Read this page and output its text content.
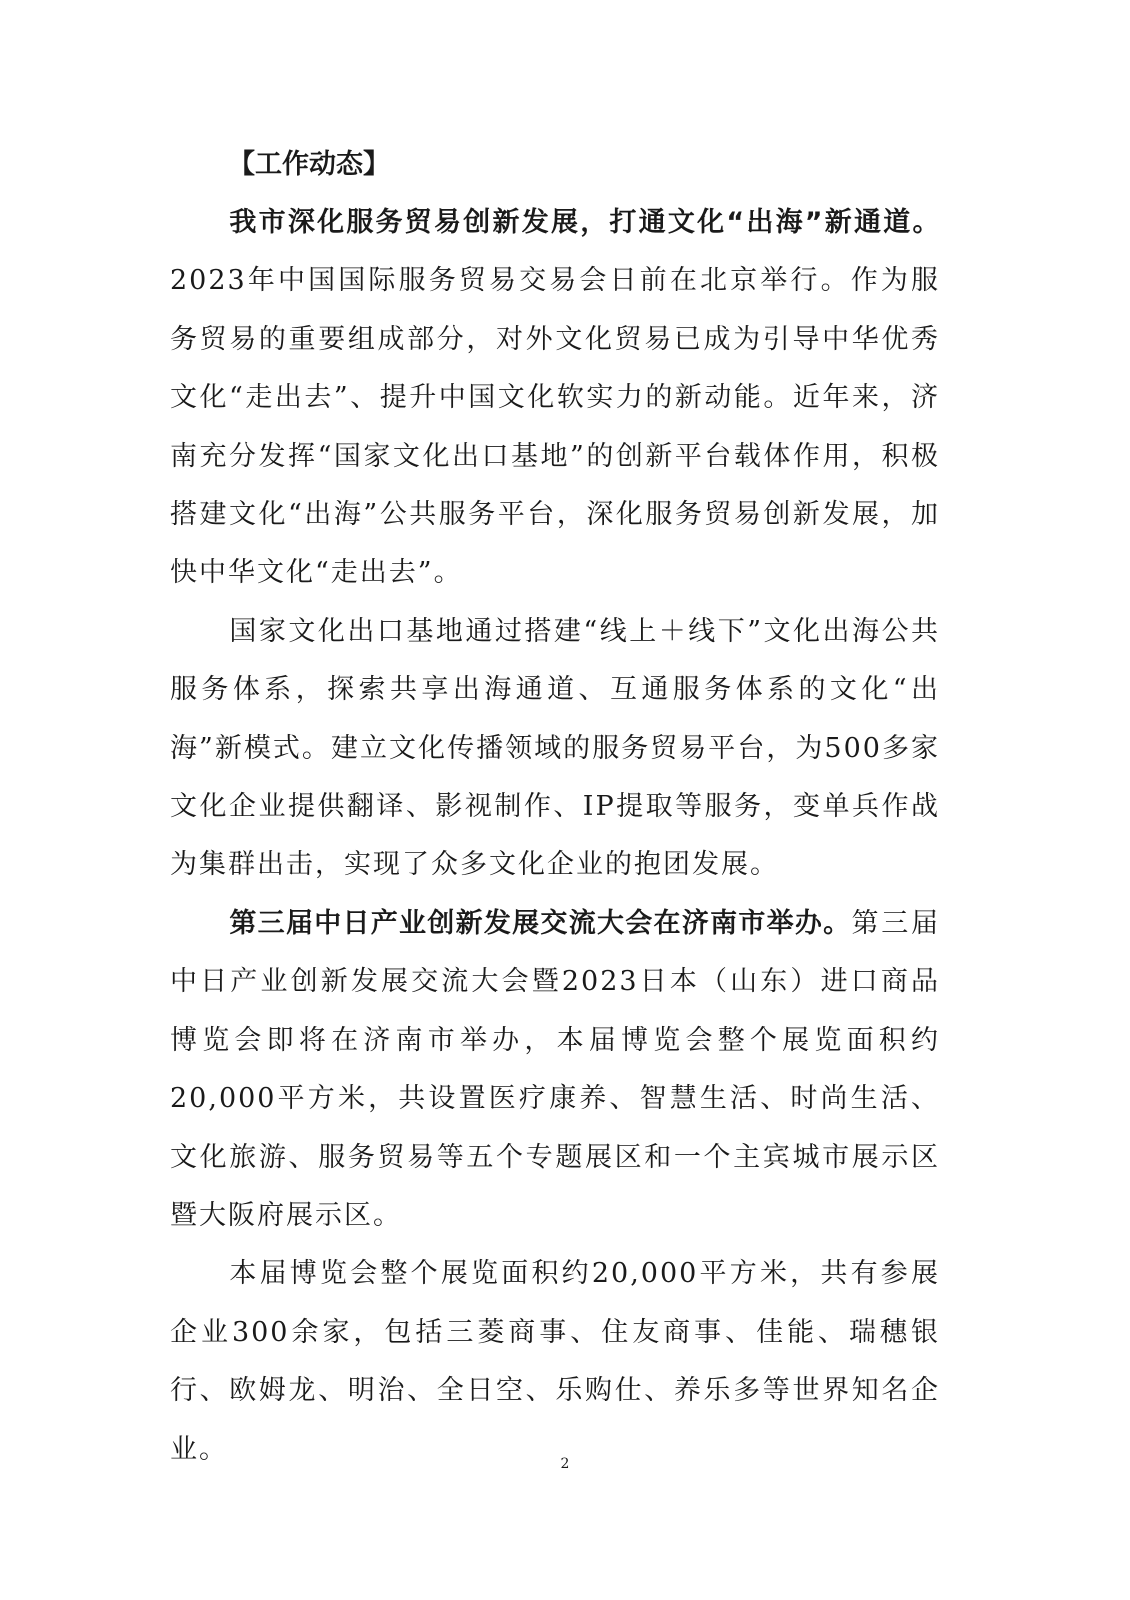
【工作动态】

我市深化服务贸易创新发展，打通文化“出海”新通道。2023年中国国际服务贸易交易会日前在北京举行。作为服务贸易的重要组成部分，对外文化贸易已成为引导中华优秀文化“走出去”、提升中国文化软实力的新动能。近年来，济南充分发挥“国家文化出口基地”的创新平台载体作用，积极搭建文化“出海”公共服务平台，深化服务贸易创新发展，加快中华文化“走出去”。

国家文化出口基地通过搭建“线上＋线下”文化出海公共服务体系，探索共享出海通道、互通服务体系的文化“出海”新模式。建立文化传播领域的服务贸易平台，为500多家文化企业提供翻译、影视制作、IP提取等服务，变单兵作战为集群出击，实现了众多文化企业的抱团发展。

第三届中日产业创新发展交流大会在济南市举办。第三届中日产业创新发展交流大会暨2023日本（山东）进口商品博览会即将在济南市举办，本届博览会整个展览面积约20,000平方米，共设置医疗康养、智慧生活、时尚生活、文化旅游、服务贸易等五个专题展区和一个主宾城市展示区暨大阪府展示区。

本届博览会整个展览面积约20,000平方米，共有参展企业300余家，包括三菱商事、住友商事、佳能、瑞穗银行、欧姆龙、明治、全日空、乐购仕、养乐多等世界知名企业。	2
